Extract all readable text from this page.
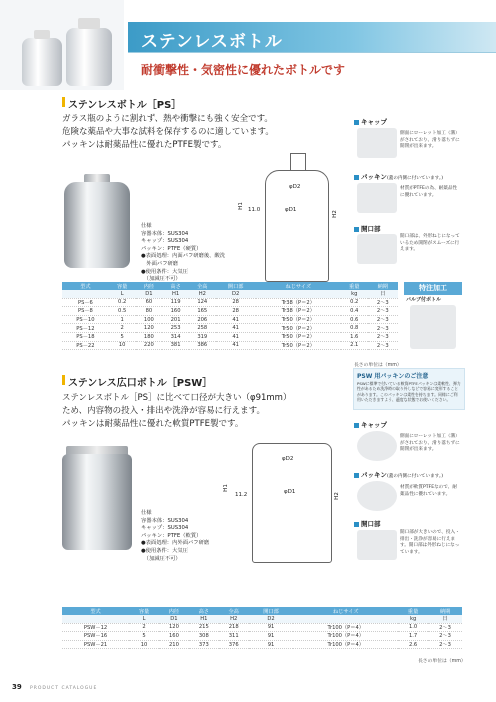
ステンレスボトル
耐衝撃性・気密性に優れたボトルです
ステンレスボトル［PS］
ガラス瓶のように割れず、熱や衝撃にも強く安全です。
危険な薬品や大事な試料を保存するのに適しています。
パッキンは耐薬品性に優れたPTFE製です。
仕様
容器本体：SUS304
キャップ：SUS304
パッキン：PTFE（硬質）
●表面処理：内面バフ研磨後、酸洗
　外面バフ研磨
●使用条件：大気圧
　（加減圧不可）
φD2
φD1
11.0
H1
H2
キャップ
側面にローレット加工（溝）がされており、滑り落ちずに開閉が出来ます。
パッキン(蓋の内側に付いています。)
材質がPTFEの為、耐薬品性に優れています。
開口部
開口部は、外形ねじになっているため開閉がスムーズに行えます。
型式	容量	内径	高さ	全高	開口部	ねじサイズ	重量	納期
	L	D1	H1	H2	D2		kg	日
PS－6	0.2	60	119	124	28	Tr38（P＝2）	0.2	2～3
PS－8	0.5	80	160	165	28	Tr38（P＝2）	0.4	2～3
PS－10	1	100	201	206	41	Tr50（P＝2）	0.6	2～3
PS－12	2	120	253	258	41	Tr50（P＝2）	0.8	2～3
PS－18	5	180	314	319	41	Tr50（P＝2）	1.6	2～3
PS－22	10	220	381	386	41	Tr50（P＝2）	2.1	2～3
特注加工
バルブ付ボトル
長さの単位は（mm）
ステンレス広口ボトル［PSW］
ステンレスボトル［PS］に比べて口径が大きい（φ91mm）
ため、内容物の投入・排出や洗浄が容易に行えます。
パッキンは耐薬品性に優れた軟質PTFE製です。
仕様
容器本体：SUS304
キャップ：SUS304
パッキン：PTFE（軟質）
●表面処理：内外面バフ研磨
●使用条件：大気圧
　（加減圧不可）
φD2
φD1
11.2
H1
H2
PSW 用パッキンのご注意
PSWに標準で付いている軟質PTFEパッキンは柔軟性、弾力性があるため洗浄時の取り外しなどで容易に変形することがあります。このパッキンは柔性を持ちます。同様にご利用いただきますよう、適度な状態でお使いください。
キャップ
側面にローレット加工（溝）がされており、滑り落ちずに開閉が出来ます。
パッキン(蓋の内側に付いています。)
材質が軟質PTFEなので、耐薬品性に優れています。
開口部
開口部が大きいので、投入・排出・洗浄が容易に行えます。開口部は外形ねじになっています。
型式	容量	内径	高さ	全高	開口部	ねじサイズ	重量	納期
	L	D1	H1	H2	D2		kg	日
PSW－12	2	120	215	218	91	Tr100（P＝4）	1.0	2～3
PSW－16	5	160	308	311	91	Tr100（P＝4）	1.7	2～3
PSW－21	10	210	373	376	91	Tr100（P＝4）	2.6	2～3
長さの単位は（mm）
39 PRODUCT CATALOGUE
